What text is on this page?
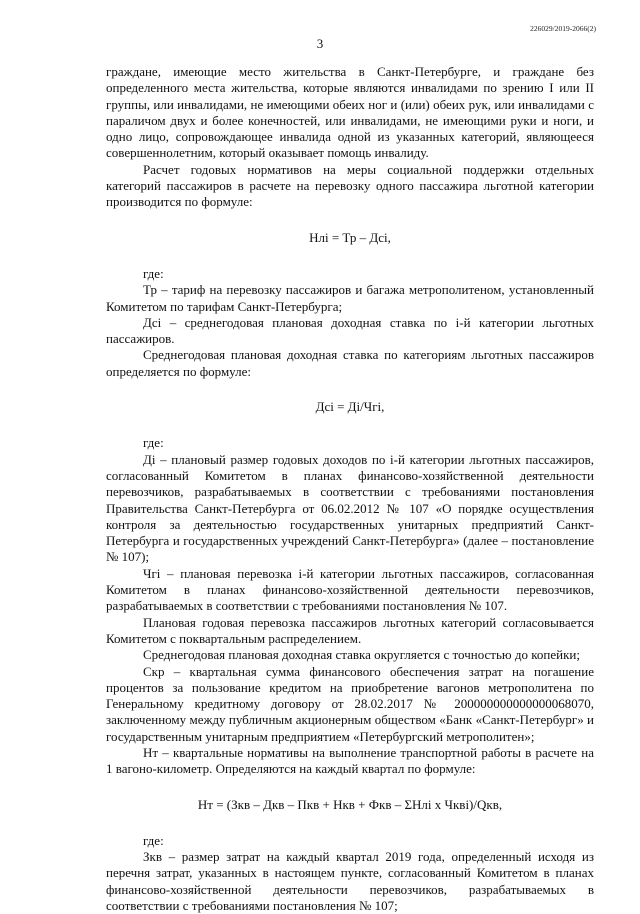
226029/2019-2066(2)
3

граждане, имеющие место жительства в Санкт-Петербурге, и граждане без определенного места жительства, которые являются инвалидами по зрению I или II группы, или инвалидами, не имеющими обеих ног и (или) обеих рук, или инвалидами с параличом двух и более конечностей, или инвалидами, не имеющими руки и ноги, и одно лицо, сопровождающее инвалида одной из указанных категорий, являющееся совершеннолетним, который оказывает помощь инвалиду.

Расчет годовых нормативов на меры социальной поддержки отдельных категорий пассажиров в расчете на перевозку одного пассажира льготной категории производится по формуле:

Нлi = Тр – Дсi,

где:

Тр – тариф на перевозку пассажиров и багажа метрополитеном, установленный Комитетом по тарифам Санкт-Петербурга;

Дсi – среднегодовая плановая доходная ставка по i-й категории льготных пассажиров.

Среднегодовая плановая доходная ставка по категориям льготных пассажиров определяется по формуле:

Дсi = Дi/Чгi,

где:

Дi – плановый размер годовых доходов по i-й категории льготных пассажиров, согласованный Комитетом в планах финансово-хозяйственной деятельности перевозчиков, разрабатываемых в соответствии с требованиями постановления Правительства Санкт-Петербурга от 06.02.2012 № 107 «О порядке осуществления контроля за деятельностью государственных унитарных предприятий Санкт-Петербурга и государственных учреждений Санкт-Петербурга» (далее – постановление № 107);

Чгi – плановая перевозка i-й категории льготных пассажиров, согласованная Комитетом в планах финансово-хозяйственной деятельности перевозчиков, разрабатываемых в соответствии с требованиями постановления № 107.

Плановая годовая перевозка пассажиров льготных категорий согласовывается Комитетом с поквартальным распределением.

Среднегодовая плановая доходная ставка округляется с точностью до копейки;

Скр – квартальная сумма финансового обеспечения затрат на погашение процентов за пользование кредитом на приобретение вагонов метрополитена по Генеральному кредитному договору от 28.02.2017 № 200000000000000068070, заключенному между публичным акционерным обществом «Банк «Санкт-Петербург» и государственным унитарным предприятием «Петербургский метрополитен»;

Нт – квартальные нормативы на выполнение транспортной работы в расчете на 1 вагоно-километр. Определяются на каждый квартал по формуле:

Нт = (Зкв – Дкв – Пкв + Нкв + Фкв – ΣНлi x Чквi)/Qкв,

где:

Зкв – размер затрат на каждый квартал 2019 года, определенный исходя из перечня затрат, указанных в настоящем пункте, согласованный Комитетом в планах финансово-хозяйственной деятельности перевозчиков, разрабатываемых в соответствии с требованиями постановления № 107;
